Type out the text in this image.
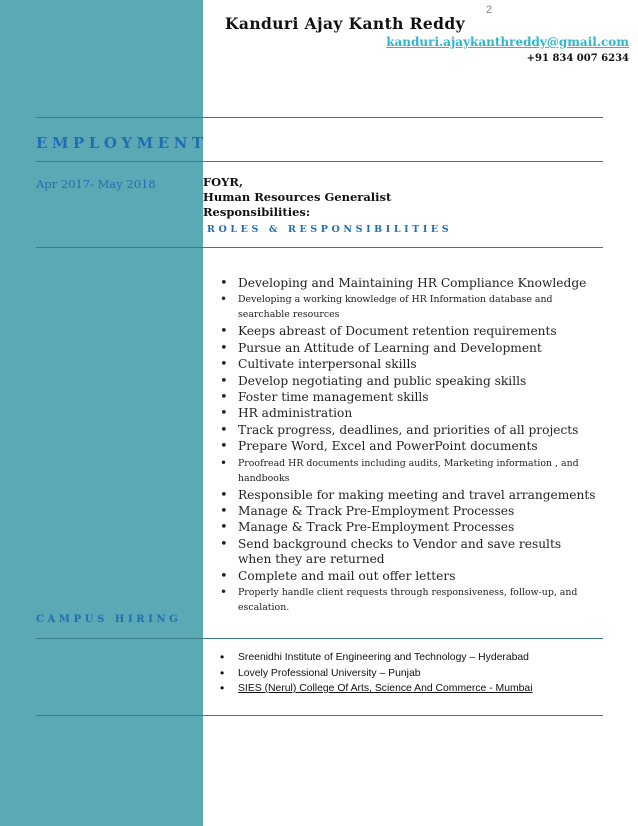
2
Kanduri Ajay Kanth Reddy
kanduri.ajaykanthreddy@gmail.com
+91 834 007 6234
EMPLOYMENT
Apr 2017- May 2018	FOYR,
Human Resources Generalist
Responsibilities:
ROLES & RESPONSIBILITIES
• Developing and Maintaining HR Compliance Knowledge
• Developing a working knowledge of HR Information database and searchable resources
• Keeps abreast of Document retention requirements
• Pursue an Attitude of Learning and Development
• Cultivate interpersonal skills
• Develop negotiating and public speaking skills
• Foster time management skills
• HR administration
• Track progress, deadlines, and priorities of all projects
• Prepare Word, Excel and PowerPoint documents
• Proofread HR documents including audits, Marketing information , and handbooks
• Responsible for making meeting and travel arrangements
• Manage & Track Pre-Employment Processes
• Manage & Track Pre-Employment Processes
• Send background checks to Vendor and save results when they are returned
• Complete and mail out offer letters
• Properly handle client requests through responsiveness, follow-up, and escalation.
CAMPUS HIRING
• Sreenidhi Institute of Engineering and Technology – Hyderabad
• Lovely Professional University – Punjab
• SIES (Nerul) College Of Arts, Science And Commerce - Mumbai
